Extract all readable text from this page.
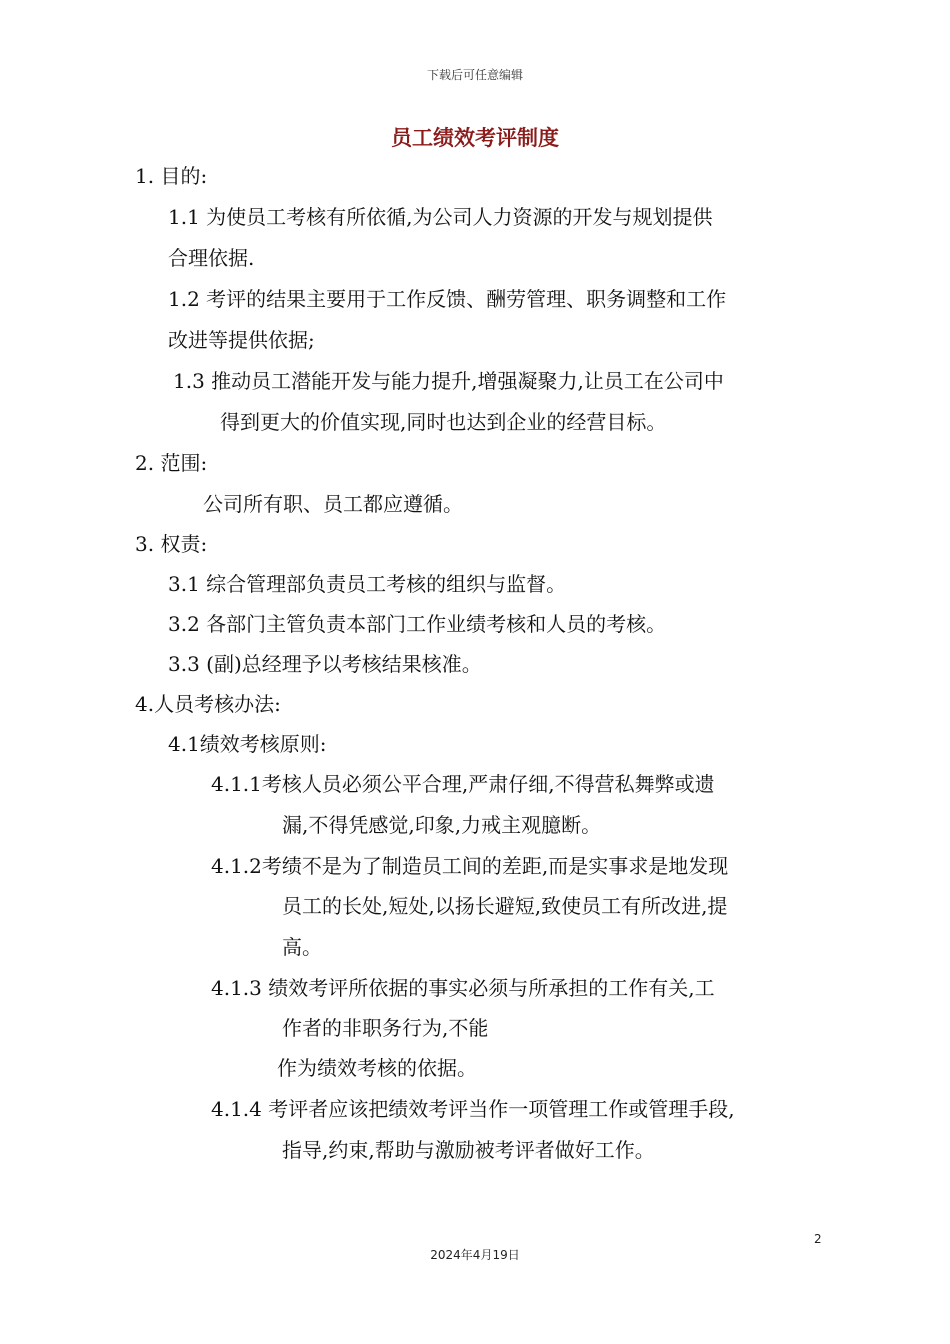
下载后可任意编辑
员工绩效考评制度
1. 目的:
1.1 为使员工考核有所依循,为公司人力资源的开发与规划提供
合理依据.
1.2 考评的结果主要用于工作反馈、酬劳管理、职务调整和工作
改进等提供依据;
1.3 推动员工潜能开发与能力提升,增强凝聚力,让员工在公司中
得到更大的价值实现,同时也达到企业的经营目标。
2. 范围:
公司所有职、员工都应遵循。
3. 权责:
3.1 综合管理部负责员工考核的组织与监督。
3.2 各部门主管负责本部门工作业绩考核和人员的考核。
3.3 (副)总经理予以考核结果核准。
4.人员考核办法:
4.1绩效考核原则:
4.1.1考核人员必须公平合理,严肃仔细,不得营私舞弊或遗
漏,不得凭感觉,印象,力戒主观臆断。
4.1.2考绩不是为了制造员工间的差距,而是实事求是地发现
员工的长处,短处,以扬长避短,致使员工有所改进,提
高。
4.1.3 绩效考评所依据的事实必须与所承担的工作有关,工
作者的非职务行为,不能
作为绩效考核的依据。
4.1.4 考评者应该把绩效考评当作一项管理工作或管理手段,
指导,约束,帮助与激励被考评者做好工作。
2
2024年4月19日
